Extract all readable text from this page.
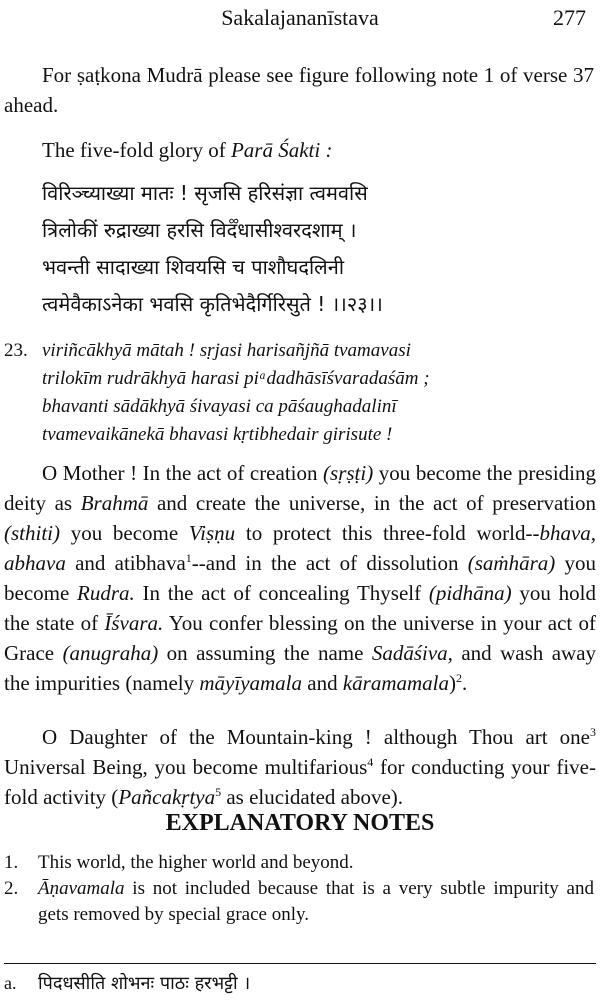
Sakalajananīstava	277
For ṣaṭkona Mudrā please see figure following note 1 of verse 37 ahead.
The five-fold glory of Parā Śakti :
विरिञ्च्याख्या मातः ! सृजसि हरिसंज्ञा त्वमवसि
त्रिलोकीं रुद्राख्या हरसि विद᪲धासीश्वरदशाम् ।
भवन्ती सादाख्या शिवयसि च पाशौघदलिनी
त्वमेवैकाऽनेका भवसि कृतिभेदैर्गिरिसुते ! ।।२३।।
23. viriñcākhyā mātah ! sṛjasi harisañjñā tvamavasi
trilokīm rudrākhyā harasi piᵃdadhāsīśvaradaśām ;
bhavanti sādākhyā śivayasi ca pāśaughadalinī
tvamevaikānekā bhavasi kṛtibhedair girisute !
O Mother ! In the act of creation (sṛṣṭi) you become the presiding deity as Brahmā and create the universe, in the act of preservation (sthiti) you become Viṣṇu to protect this three-fold world--bhava, abhava and atibhava$^1$--and in the act of dissolution (saṁhāra) you become Rudra. In the act of concealing Thyself (pidhāna) you hold the state of Īśvara. You confer blessing on the universe in your act of Grace (anugraha) on assuming the name Sadāśiva, and wash away the impurities (namely māyīyamala and kāramamala)$^2$.
O Daughter of the Mountain-king ! although Thou art one$^3$ Universal Being, you become multifarious$^4$ for conducting your five-fold activity (Pañcakṛtya$^5$ as elucidated above).
EXPLANATORY NOTES
1.	This world, the higher world and beyond.
2.	Āṇavamala is not included because that is a very subtle impurity and gets removed by special grace only.
a. पिदधसीति शोभनः पाठः हरभट्टी ।
